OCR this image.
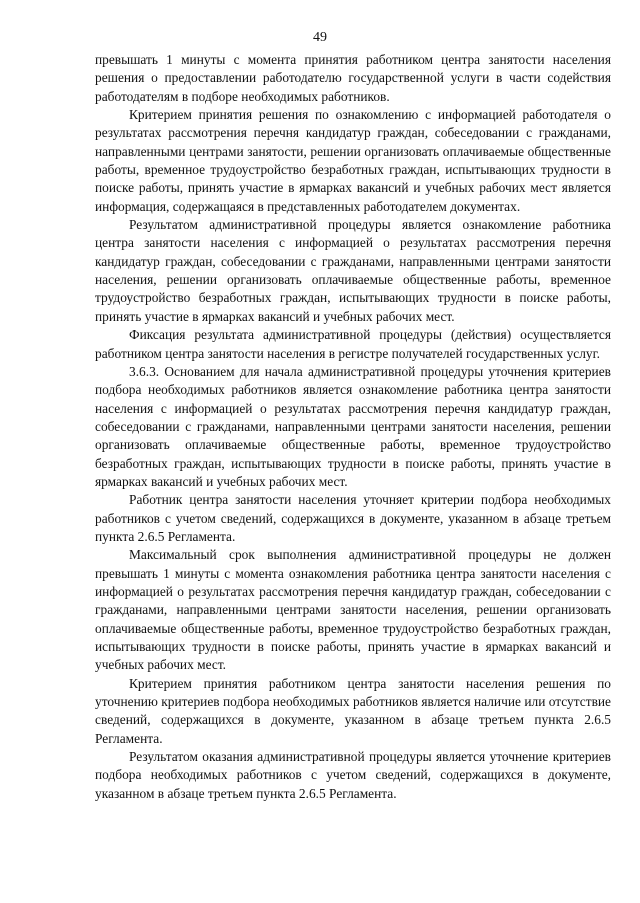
49

превышать 1 минуты с момента принятия работником центра занятости населения решения о предоставлении работодателю государственной услуги в части содействия работодателям в подборе необходимых работников.

Критерием принятия решения по ознакомлению с информацией работодателя о результатах рассмотрения перечня кандидатур граждан, собеседовании с гражданами, направленными центрами занятости, решении организовать оплачиваемые общественные работы, временное трудоустройство безработных граждан, испытывающих трудности в поиске работы, принять участие в ярмарках вакансий и учебных рабочих мест является информация, содержащаяся в представленных работодателем документах.

Результатом административной процедуры является ознакомление работника центра занятости населения с информацией о результатах рассмотрения перечня кандидатур граждан, собеседовании с гражданами, направленными центрами занятости населения, решении организовать оплачиваемые общественные работы, временное трудоустройство безработных граждан, испытывающих трудности в поиске работы, принять участие в ярмарках вакансий и учебных рабочих мест.

Фиксация результата административной процедуры (действия) осуществляется работником центра занятости населения в регистре получателей государственных услуг.

3.6.3. Основанием для начала административной процедуры уточнения критериев подбора необходимых работников является ознакомление работника центра занятости населения с информацией о результатах рассмотрения перечня кандидатур граждан, собеседовании с гражданами, направленными центрами занятости населения, решении организовать оплачиваемые общественные работы, временное трудоустройство безработных граждан, испытывающих трудности в поиске работы, принять участие в ярмарках вакансий и учебных рабочих мест.

Работник центра занятости населения уточняет критерии подбора необходимых работников с учетом сведений, содержащихся в документе, указанном в абзаце третьем пункта 2.6.5 Регламента.

Максимальный срок выполнения административной процедуры не должен превышать 1 минуты с момента ознакомления работника центра занятости населения с информацией о результатах рассмотрения перечня кандидатур граждан, собеседовании с гражданами, направленными центрами занятости населения, решении организовать оплачиваемые общественные работы, временное трудоустройство безработных граждан, испытывающих трудности в поиске работы, принять участие в ярмарках вакансий и учебных рабочих мест.

Критерием принятия работником центра занятости населения решения по уточнению критериев подбора необходимых работников является наличие или отсутствие сведений, содержащихся в документе, указанном в абзаце третьем пункта 2.6.5 Регламента.

Результатом оказания административной процедуры является уточнение критериев подбора необходимых работников с учетом сведений, содержащихся в документе, указанном в абзаце третьем пункта 2.6.5 Регламента.
